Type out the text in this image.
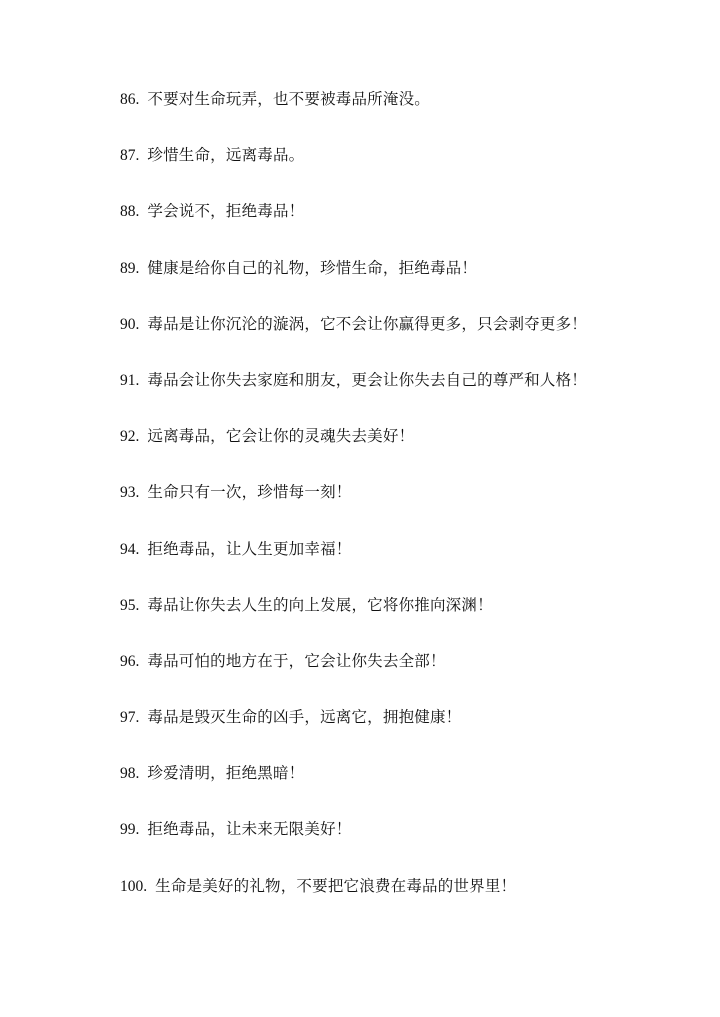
86. 不要对生命玩弄，也不要被毒品所淹没。
87. 珍惜生命，远离毒品。
88. 学会说不，拒绝毒品！
89. 健康是给你自己的礼物，珍惜生命，拒绝毒品！
90. 毒品是让你沉沦的漩涡，它不会让你赢得更多，只会剥夺更多！
91. 毒品会让你失去家庭和朋友，更会让你失去自己的尊严和人格！
92. 远离毒品，它会让你的灵魂失去美好！
93. 生命只有一次，珍惜每一刻！
94. 拒绝毒品，让人生更加幸福！
95. 毒品让你失去人生的向上发展，它将你推向深渊！
96. 毒品可怕的地方在于，它会让你失去全部！
97. 毒品是毁灭生命的凶手，远离它，拥抱健康！
98. 珍爱清明，拒绝黑暗！
99. 拒绝毒品，让未来无限美好！
100. 生命是美好的礼物，不要把它浪费在毒品的世界里！
